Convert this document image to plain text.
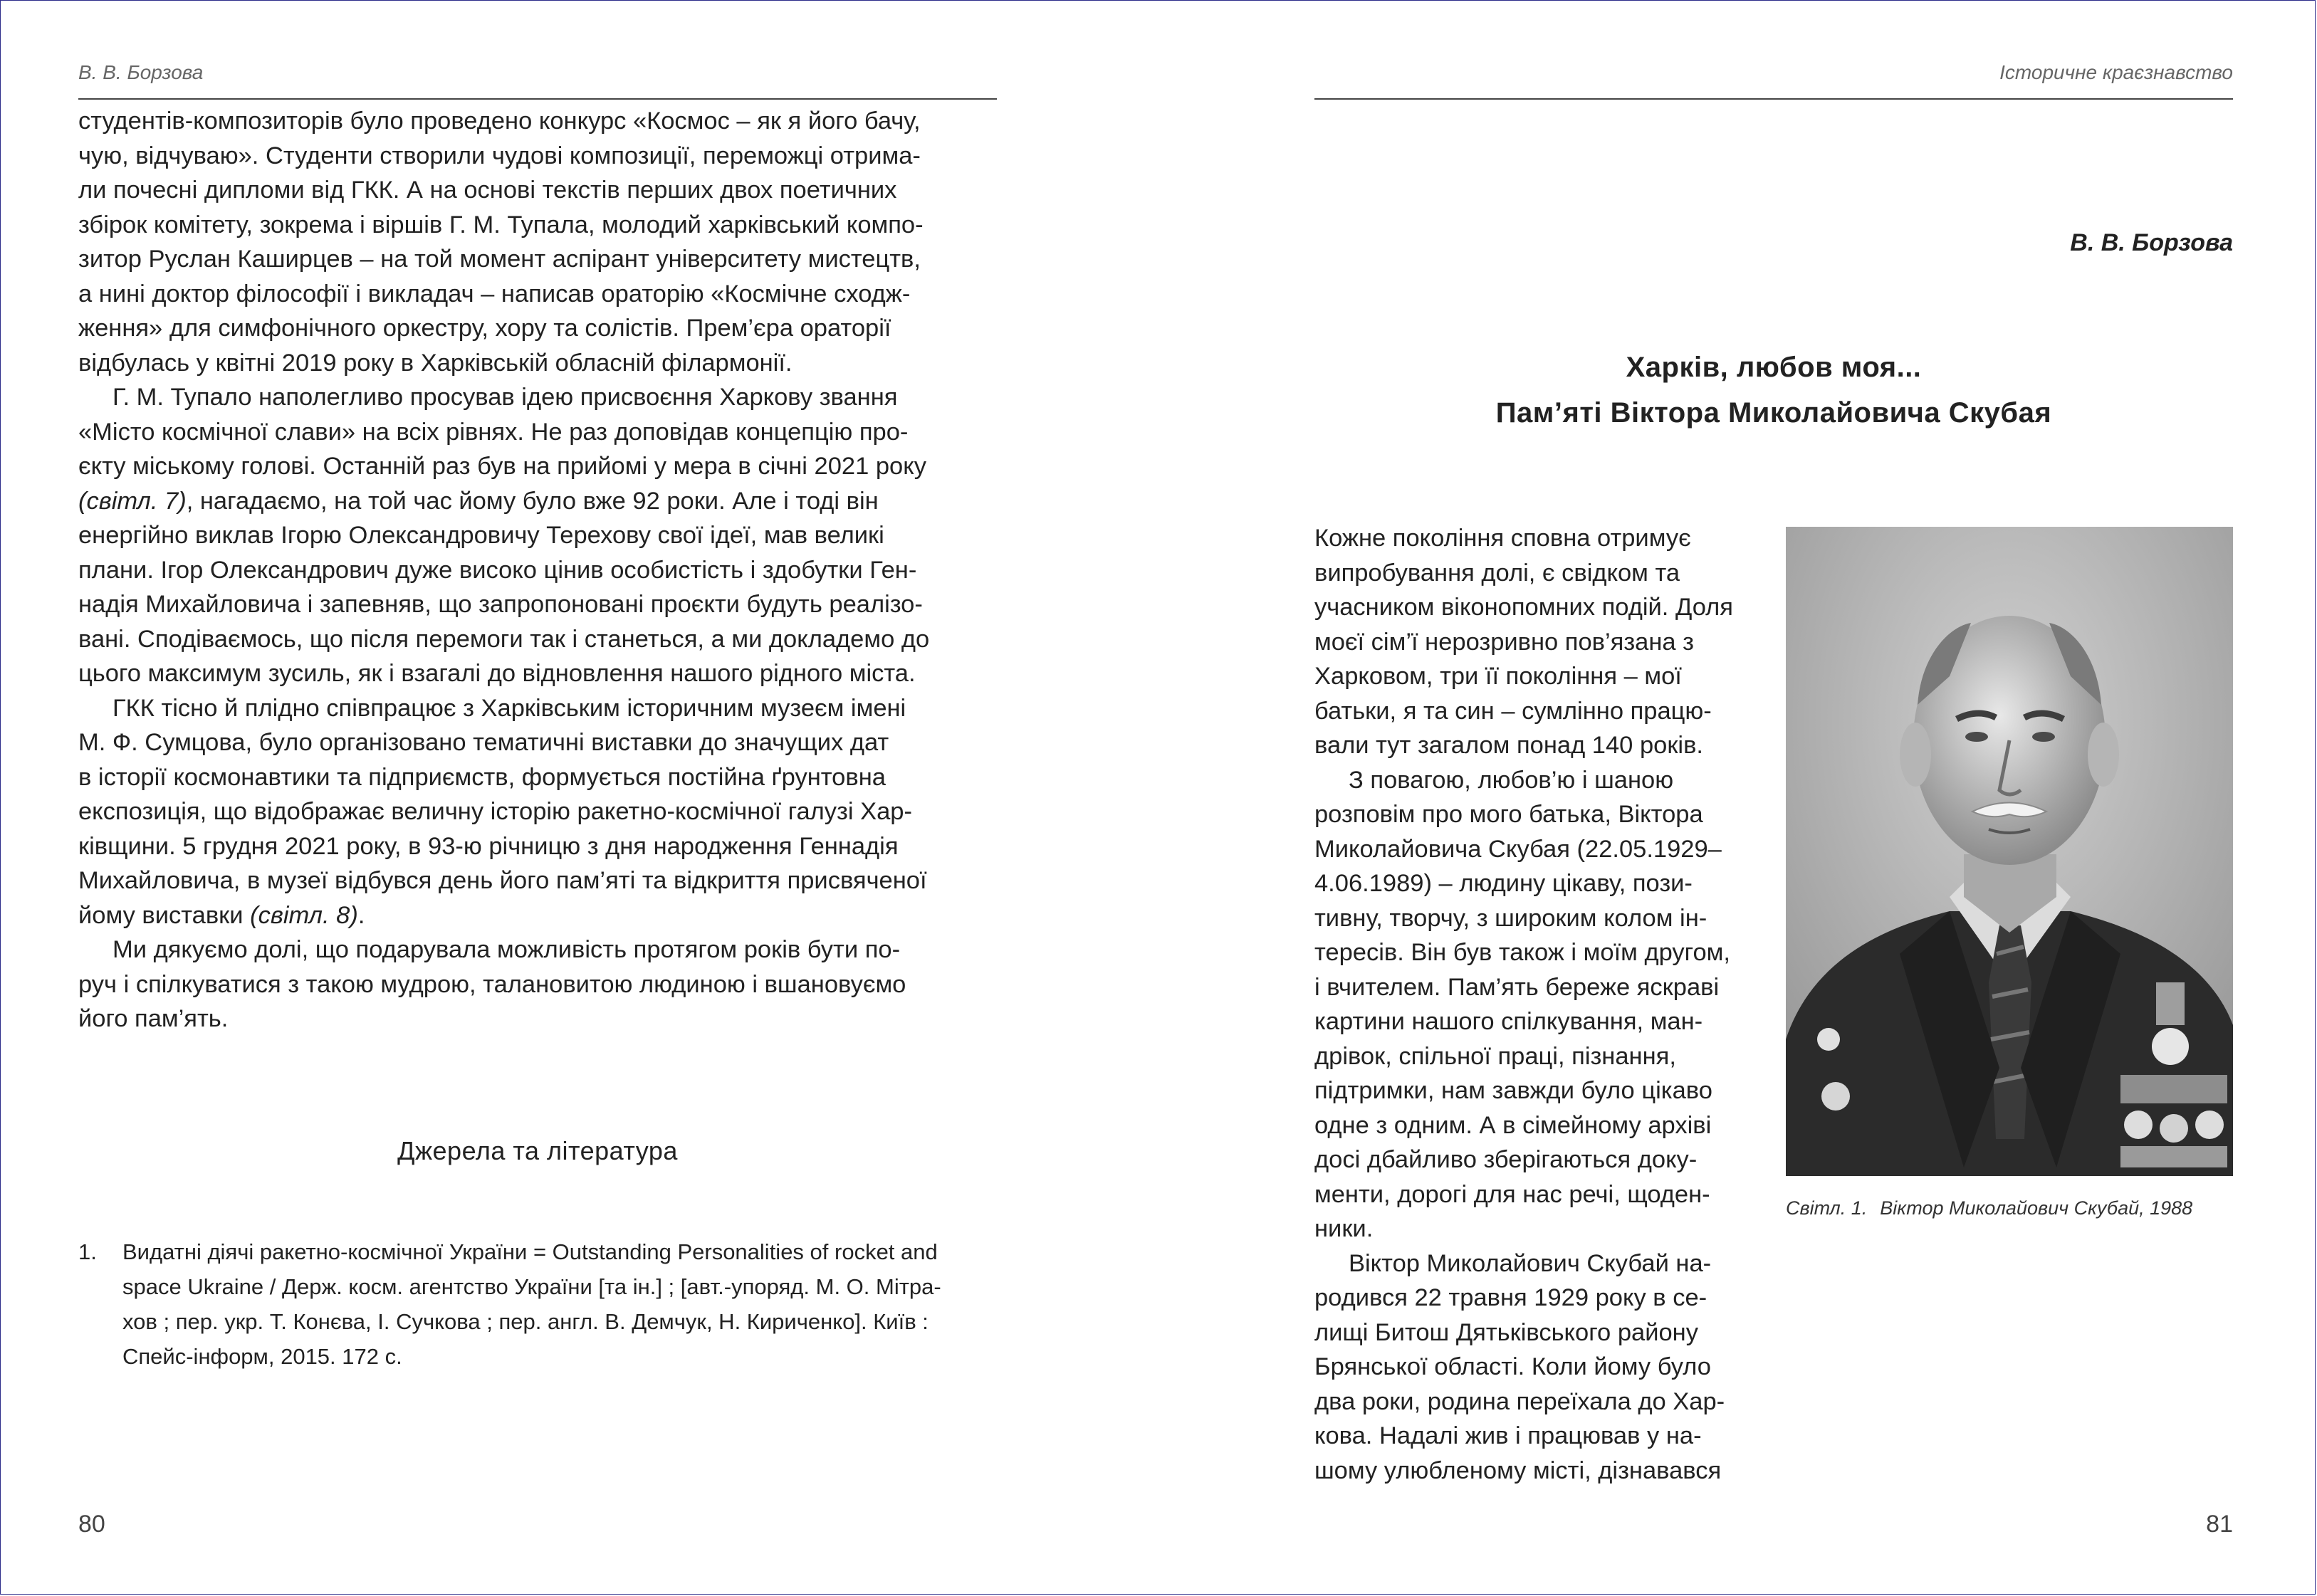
В. В. Борзова

студентів-композиторів було проведено конкурс «Космос – як я його бачу,
чую, відчуваю». Студенти створили чудові композиції, переможці отрима-
ли почесні дипломи від ГКК. А на основі текстів перших двох поетичних
збірок комітету, зокрема і віршів Г. М. Тупала, молодий харківський компо-
зитор Руслан Каширцев – на той момент аспірант університету мистецтв,
а нині доктор філософії і викладач – написав ораторію «Космічне сходж-
ження» для симфонічного оркестру, хору та солістів. Прем’єра ораторії
відбулась у квітні 2019 року в Харківській обласній філармонії.

Г. М. Тупало наполегливо просував ідею присвоєння Харкову звання
«Місто космічної слави» на всіх рівнях. Не раз доповідав концепцію про-
єкту міському голові. Останній раз був на прийомі у мера в січні 2021 року
(світл. 7), нагадаємо, на той час йому було вже 92 роки. Але і тоді він
енергійно виклав Ігорю Олександровичу Терехову свої ідеї, мав великі
плани. Ігор Олександрович дуже високо цінив особистість і здобутки Ген-
надія Михайловича і запевняв, що запропоновані проєкти будуть реалізо-
вані. Сподіваємось, що після перемоги так і станеться, а ми докладемо до
цього максимум зусиль, як і взагалі до відновлення нашого рідного міста.

ГКК тісно й плідно співпрацює з Харківським історичним музеєм імені
М. Ф. Сумцова, було організовано тематичні виставки до значущих дат
в історії космонавтики та підприємств, формується постійна ґрунтовна
експозиція, що відображає величну історію ракетно-космічної галузі Хар-
ківщини. 5 грудня 2021 року, в 93-ю річницю з дня народження Геннадія
Михайловича, в музеї відбувся день його пам’яті та відкриття присвяченої
йому виставки (світл. 8).

Ми дякуємо долі, що подарувала можливість протягом років бути по-
руч і спілкуватися з такою мудрою, талановитою людиною і вшановуємо
його пам’ять.

Джерела та література
1.	Видатні діячі ракетно-космічної України = Outstanding Personalities of rocket and
space Ukraine / Держ. косм. агентство України [та ін.] ; [авт.-упоряд. М. О. Мітра-
хов ; пер. укр. Т. Конєва, І. Сучкова ; пер. англ. В. Демчук, Н. Кириченко]. Київ :
Спейс-інформ, 2015. 172 с.
80
Історичне краєзнавство
В. В. Борзова
Харків, любов моя...
Пам’яті Віктора Миколайовича Скубая

Кожне покоління сповна отримує
випробування долі, є свідком та
учасником віконопомних подій. Доля
моєї сім’ї нерозривно пов’язана з
Харковом, три її покоління – мої
батьки, я та син – сумлінно працю-
вали тут загалом понад 140 років.

З повагою, любов’ю і шаною
розповім про мого батька, Віктора
Миколайовича Скубая (22.05.1929–
4.06.1989) – людину цікаву, пози-
тивну, творчу, з широким колом ін-
тересів. Він був також і моїм другом,
і вчителем. Пам’ять береже яскраві
картини нашого спілкування, ман-
дрівок, спільної праці, пізнання,
підтримки, нам завжди було цікаво
одне з одним. А в сімейному архіві
досі дбайливо зберігаються доку-
менти, дорогі для нас речі, щоден-
ники.

Віктор Миколайович Скубай на-
родився 22 травня 1929 року в се-
лищі Битош Дятьківського району
Брянської області. Коли йому було
два роки, родина переїхала до Хар-
кова. Надалі жив і працював у на-
шому улюбленому місті, дізнавався

Світл. 1. Віктор Миколайович Скубай, 1988
81
